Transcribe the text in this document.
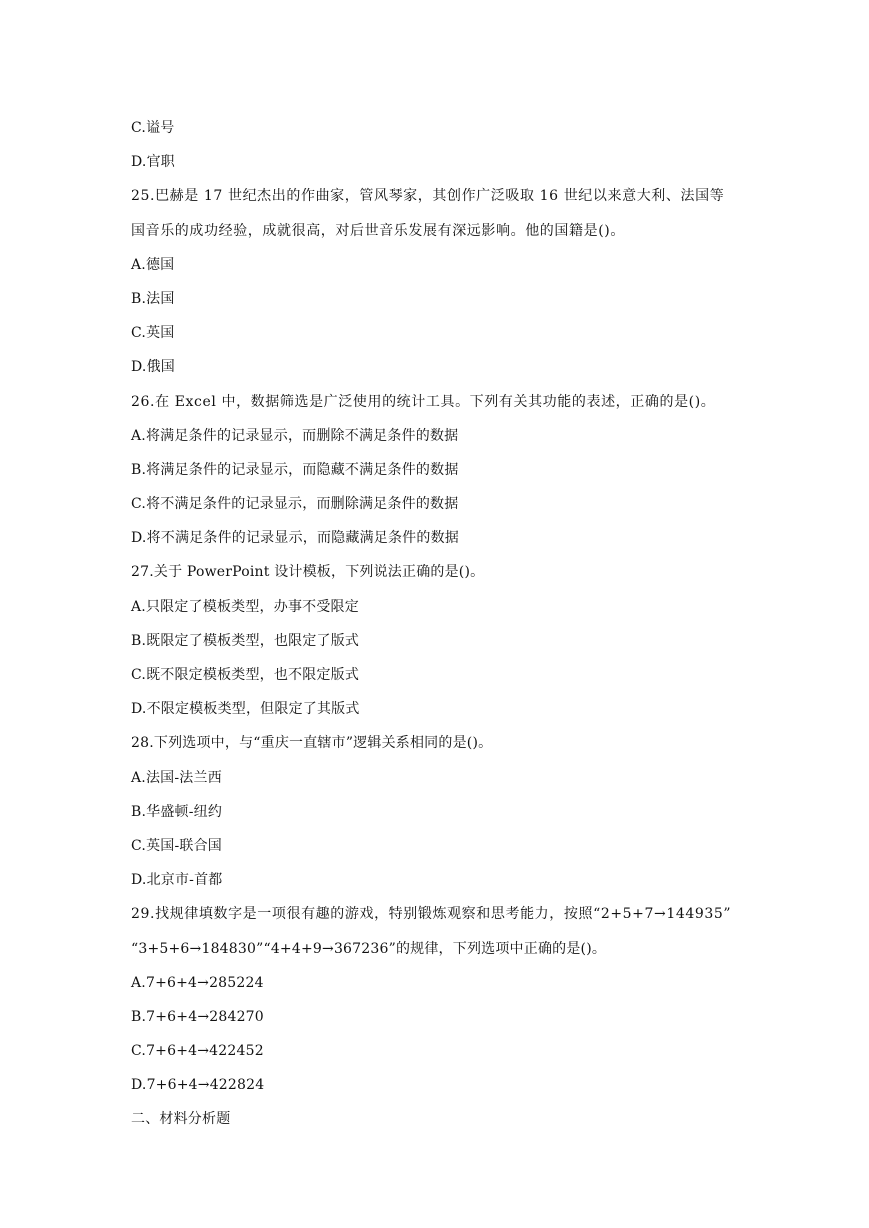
C.谥号
D.官职
25.巴赫是 17 世纪杰出的作曲家，管风琴家，其创作广泛吸取 16 世纪以来意大利、法国等
国音乐的成功经验，成就很高，对后世音乐发展有深远影响。他的国籍是()。
A.德国
B.法国
C.英国
D.俄国
26.在 Excel 中，数据筛选是广泛使用的统计工具。下列有关其功能的表述，正确的是()。
A.将满足条件的记录显示，而删除不满足条件的数据
B.将满足条件的记录显示，而隐藏不满足条件的数据
C.将不满足条件的记录显示，而删除满足条件的数据
D.将不满足条件的记录显示，而隐藏满足条件的数据
27.关于 PowerPoint 设计模板，下列说法正确的是()。
A.只限定了模板类型，办事不受限定
B.既限定了模板类型，也限定了版式
C.既不限定模板类型，也不限定版式
D.不限定模板类型，但限定了其版式
28.下列选项中，与“重庆一直辖市”逻辑关系相同的是()。
A.法国-法兰西
B.华盛顿-纽约
C.英国-联合国
D.北京市-首都
29.找规律填数字是一项很有趣的游戏，特别锻炼观察和思考能力，按照“2+5+7→144935”
“3+5+6→184830”“4+4+9→367236”的规律，下列选项中正确的是()。
A.7+6+4→285224
B.7+6+4→284270
C.7+6+4→422452
D.7+6+4→422824
二、材料分析题
